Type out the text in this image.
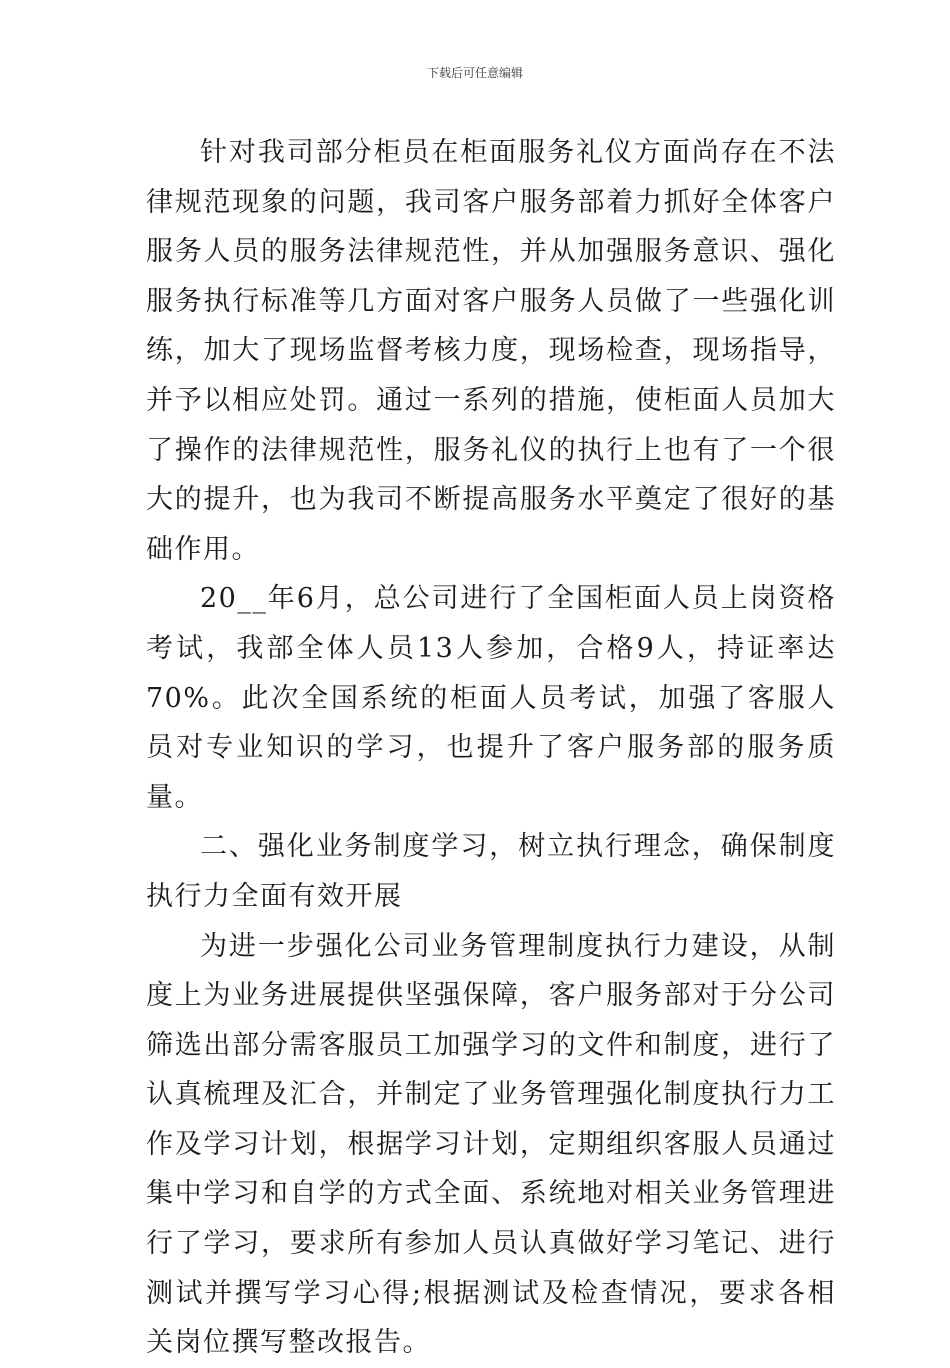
下载后可任意编辑

针对我司部分柜员在柜面服务礼仪方面尚存在不法律规范现象的问题，我司客户服务部着力抓好全体客户服务人员的服务法律规范性，并从加强服务意识、强化服务执行标准等几方面对客户服务人员做了一些强化训练，加大了现场监督考核力度，现场检查，现场指导，并予以相应处罚。通过一系列的措施，使柜面人员加大了操作的法律规范性，服务礼仪的执行上也有了一个很大的提升，也为我司不断提高服务水平奠定了很好的基础作用。

20__年6月，总公司进行了全国柜面人员上岗资格考试，我部全体人员13人参加，合格9人，持证率达70%。此次全国系统的柜面人员考试，加强了客服人员对专业知识的学习，也提升了客户服务部的服务质量。

二、强化业务制度学习，树立执行理念，确保制度执行力全面有效开展

为进一步强化公司业务管理制度执行力建设，从制度上为业务进展提供坚强保障，客户服务部对于分公司筛选出部分需客服员工加强学习的文件和制度，进行了认真梳理及汇合，并制定了业务管理强化制度执行力工作及学习计划，根据学习计划，定期组织客服人员通过集中学习和自学的方式全面、系统地对相关业务管理进行了学习，要求所有参加人员认真做好学习笔记、进行测试并撰写学习心得;根据测试及检查情况，要求各相关岗位撰写整改报告。
